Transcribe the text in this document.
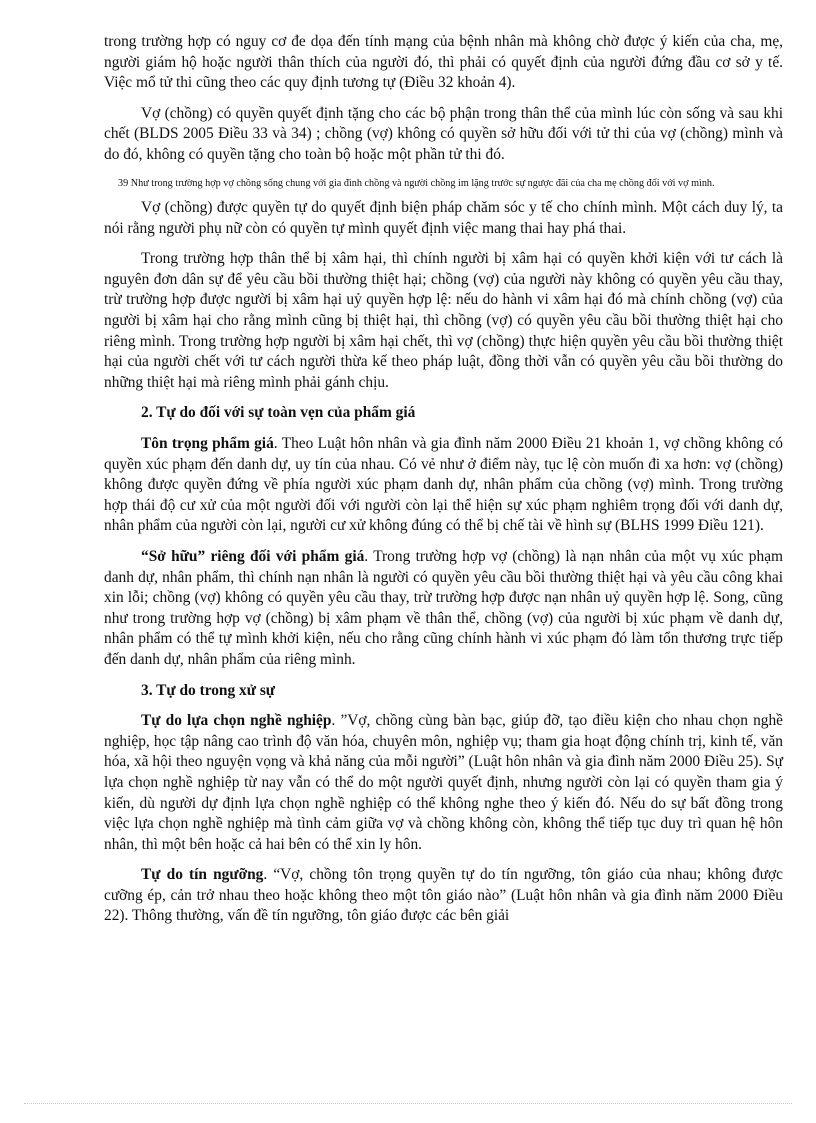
trong trường hợp có nguy cơ đe dọa đến tính mạng của bệnh nhân mà không chờ được ý kiến của cha, mẹ, người giám hộ hoặc người thân thích của người đó, thì phải có quyết định của người đứng đầu cơ sở y tế. Việc mổ tử thi cũng theo các quy định tương tự (Điều 32 khoản 4).

Vợ (chồng) có quyền quyết định tặng cho các bộ phận trong thân thể của mình lúc còn sống và sau khi chết (BLDS 2005 Điều 33 và 34) ; chồng (vợ) không có quyền sở hữu đối với tử thi của vợ (chồng) mình và do đó, không có quyền tặng cho toàn bộ hoặc một phần tử thi đó.

39 Như trong trường hợp vợ chồng sống chung với gia đình chồng và người chồng im lặng trước sự ngược đãi của cha mẹ chồng đối với vợ mình.

Vợ (chồng) được quyền tự do quyết định biện pháp chăm sóc y tế cho chính mình. Một cách duy lý, ta nói rằng người phụ nữ còn có quyền tự mình quyết định việc mang thai hay phá thai.

Trong trường hợp thân thể bị xâm hại, thì chính người bị xâm hại có quyền khởi kiện với tư cách là nguyên đơn dân sự để yêu cầu bồi thường thiệt hại; chồng (vợ) của người này không có quyền yêu cầu thay, trừ trường hợp được người bị xâm hại uỷ quyền hợp lệ: nếu do hành vi xâm hại đó mà chính chồng (vợ) của người bị xâm hại cho rằng mình cũng bị thiệt hại, thì chồng (vợ) có quyền yêu cầu bồi thường thiệt hại cho riêng mình. Trong trường hợp người bị xâm hại chết, thì vợ (chồng) thực hiện quyền yêu cầu bồi thường thiệt hại của người chết với tư cách người thừa kế theo pháp luật, đồng thời vẫn có quyền yêu cầu bồi thường do những thiệt hại mà riêng mình phải gánh chịu.

2. Tự do đối với sự toàn vẹn của phẩm giá

Tôn trọng phẩm giá. Theo Luật hôn nhân và gia đình năm 2000 Điều 21 khoản 1, vợ chồng không có quyền xúc phạm đến danh dự, uy tín của nhau. Có vẻ như ở điểm này, tục lệ còn muốn đi xa hơn: vợ (chồng) không được quyền đứng về phía người xúc phạm danh dự, nhân phẩm của chồng (vợ) mình. Trong trường hợp thái độ cư xử của một người đối với người còn lại thể hiện sự xúc phạm nghiêm trọng đối với danh dự, nhân phẩm của người còn lại, người cư xử không đúng có thể bị chế tài về hình sự (BLHS 1999 Điều 121).

“Sở hữu” riêng đối với phẩm giá. Trong trường hợp vợ (chồng) là nạn nhân của một vụ xúc phạm danh dự, nhân phẩm, thì chính nạn nhân là người có quyền yêu cầu bồi thường thiệt hại và yêu cầu công khai xin lỗi; chồng (vợ) không có quyền yêu cầu thay, trừ trường hợp được nạn nhân uỷ quyền hợp lệ. Song, cũng như trong trường hợp vợ (chồng) bị xâm phạm về thân thể, chồng (vợ) của người bị xúc phạm về danh dự, nhân phẩm có thể tự mình khởi kiện, nếu cho rằng cũng chính hành vi xúc phạm đó làm tổn thương trực tiếp đến danh dự, nhân phẩm của riêng mình.

3. Tự do trong xử sự

Tự do lựa chọn nghề nghiệp. ”Vợ, chồng cùng bàn bạc, giúp đỡ, tạo điều kiện cho nhau chọn nghề nghiệp, học tập nâng cao trình độ văn hóa, chuyên môn, nghiệp vụ; tham gia hoạt động chính trị, kinh tế, văn hóa, xã hội theo nguyện vọng và khả năng của mỗi người” (Luật hôn nhân và gia đình năm 2000 Điều 25). Sự lựa chọn nghề nghiệp từ nay vẫn có thể do một người quyết định, nhưng người còn lại có quyền tham gia ý kiến, dù người dự định lựa chọn nghề nghiệp có thể không nghe theo ý kiến đó. Nếu do sự bất đồng trong việc lựa chọn nghề nghiệp mà tình cảm giữa vợ và chồng không còn, không thể tiếp tục duy trì quan hệ hôn nhân, thì một bên hoặc cả hai bên có thể xin ly hôn.

Tự do tín ngưỡng. “Vợ, chồng tôn trọng quyền tự do tín ngưỡng, tôn giáo của nhau; không được cưỡng ép, cản trở nhau theo hoặc không theo một tôn giáo nào” (Luật hôn nhân và gia đình năm 2000 Điều 22). Thông thường, vấn đề tín ngưỡng, tôn giáo được các bên giải
